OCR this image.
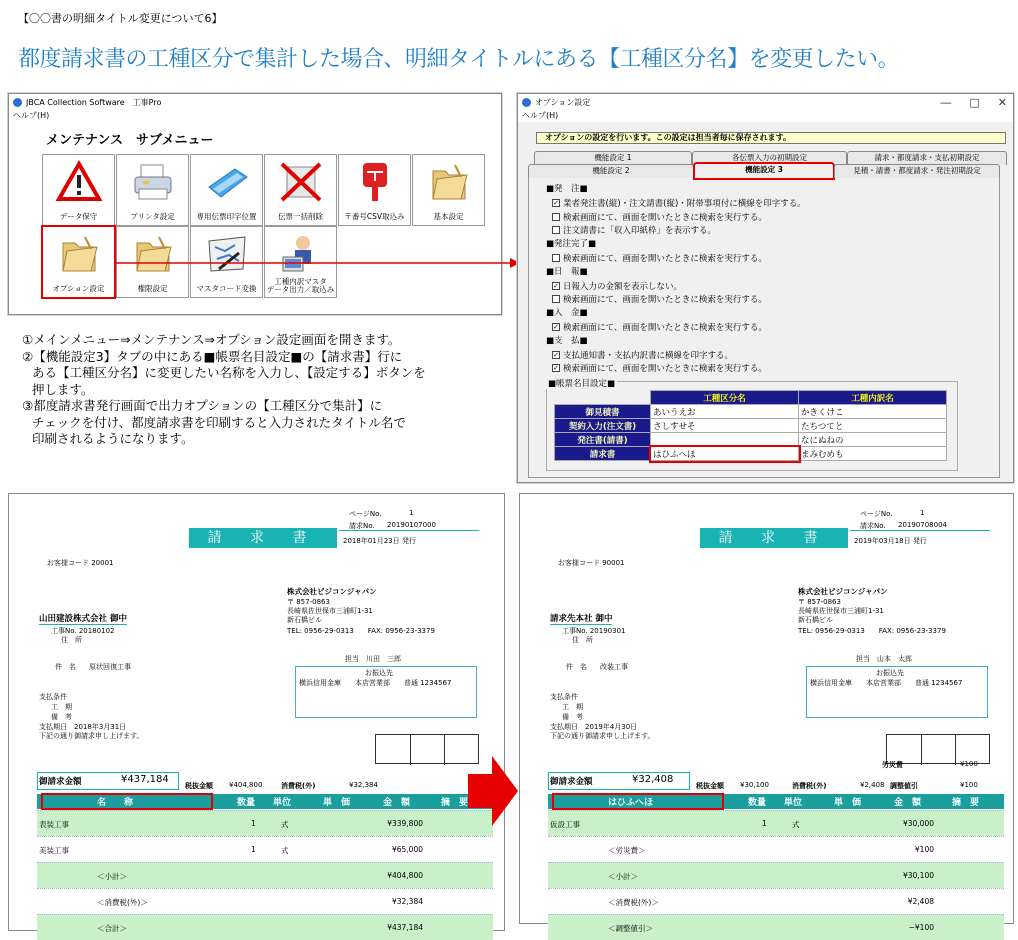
【〇〇書の明細タイトル変更について6】
都度請求書の工種区分で集計した場合、明細タイトルにある【工種区分名】を変更したい。
JBCA Collection Software　工事Pro
ヘルプ(H)
メンテナンス　サブメニュー
データ保守	プリンタ設定	専用伝票印字位置	伝票一括削除	〒番号CSV取込み	基本設定
オプション設定	権限設定	マスタコード変換
工種内訳マスタ
データ出力／取込み
オプション設定	― □ ✕
ヘルプ(H)
オプションの設定を行います。この設定は担当者毎に保存されます。
機能設定 1	各伝票入力の初期設定	請求・都度請求・支払初期設定
機能設定 2	機能設定 3	見積・請書・都度請求・発注初期設定
■発　注■
✓ 業者発注書(縦)・注文請書(縦)・附帯事項付に横線を印字する。
検索画面にて、画面を開いたときに検索を実行する。
注文請書に「収入印紙枠」を表示する。
■発注完了■
検索画面にて、画面を開いたときに検索を実行する。
■日　報■
✓ 日報入力の金額を表示しない。
検索画面にて、画面を開いたときに検索を実行する。
■入　金■
✓ 検索画面にて、画面を開いたときに検索を実行する。
■支　払■
✓ 支払通知書・支払内訳書に横線を印字する。
✓ 検索画面にて、画面を開いたときに検索を実行する。
■帳票名目設定■
	工種区分名	工種内訳名
御見積書	あいうえお	かきくけこ
契約入力(注文書)	さしすせそ	たちつてと
発注書(請書)		なにぬねの
請求書	はひふへほ	まみむめも
①メインメニュー⇒メンテナンス⇒オプション設定画面を開きます。
②【機能設定3】タブの中にある■帳票名目設定■の【請求書】行に
ある【工種区分名】に変更したい名称を入力し、【設定する】ボタンを
押します。
③都度請求書発行画面で出力オプションの【工種区分で集計】に
チェックを付け、都度請求書を印刷すると入力されたタイトル名で
印刷されるようになります。
ページNo.	1
請求No. 20190107000
請 求 書	2018年01月23日 発行
お客様コード 20001
株式会社ビジコンジャパン
〒 857-0863
長崎県佐世保市三浦町1-31
新石橋ビル
TEL: 0956-29-0313　　FAX: 0956-23-3379
山田建設株式会社 御中
工事No. 20180102
住　所
件　名 原状回復工事
担当　川田　三郎
お振込先
横浜信用金庫　　本店営業部　　普通 1234567
支払条件
工　期
備　考
支払期日　2018年3月31日
下記の通り御請求申し上げます。
御請求金額	¥437,184
税抜金額 ¥404,800	消費税(外)	¥32,384
名　　称	数量 単位	単　価	金　額	摘　要
表装工事	1	式	¥339,800
美装工事	1	式	¥65,000
＜小計＞	¥404,800
＜消費税(外)＞	¥32,384
＜合計＞	¥437,184
ページNo.	1
請求No. 20190708004
請 求 書	2019年03月18日 発行
お客様コード 90001
株式会社ビジコンジャパン
〒 857-0863
長崎県佐世保市三浦町1-31
新石橋ビル
TEL: 0956-29-0313　　FAX: 0956-23-3379
請求先本社 御中
工事No. 20190301
住　所
件　名 改装工事
担当　山本　太郎
お振込先
横浜信用金庫　　本店営業部　　普通 1234567
支払条件
工　期
備　考
支払期日　2019年4月30日
下記の通り御請求申し上げます。
御請求金額	¥32,408
税抜金額 ¥30,100	消費税(外)	¥2,408
労災費	¥100
調整値引	¥100
はひふへほ	数量 単位	単　価	金　額	摘　要
仮設工事	1	式	¥30,000
＜労災費＞	¥100
＜小計＞	¥30,100
＜消費税(外)＞	¥2,408
＜調整値引＞	−¥100
